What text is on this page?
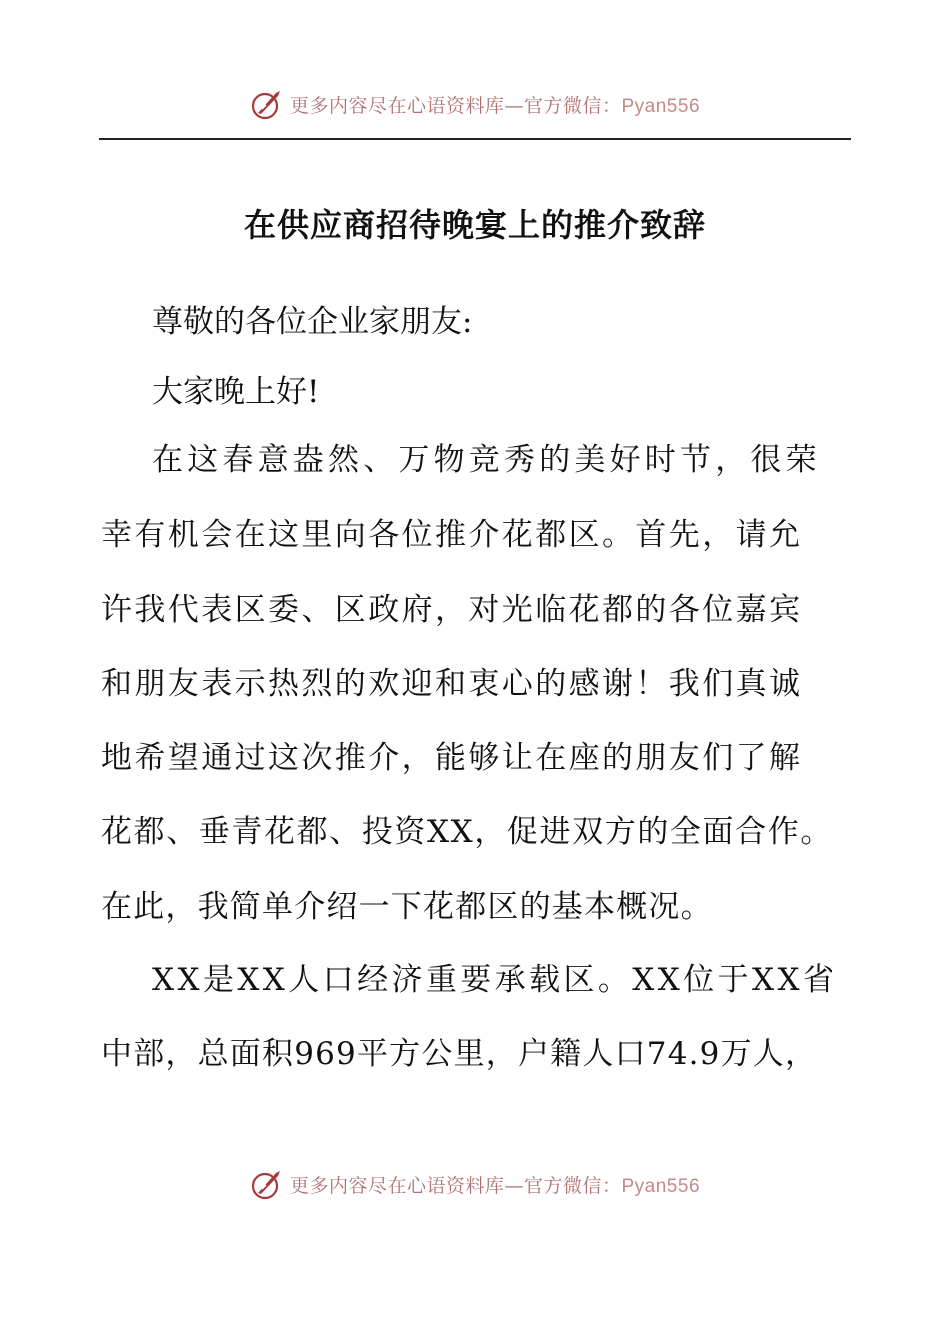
更多内容尽在心语资料库—官方微信：Pyan556
在供应商招待晚宴上的推介致辞
尊敬的各位企业家朋友:
大家晚上好!
在这春意盎然、万物竞秀的美好时节，很荣
幸有机会在这里向各位推介花都区。首先，请允
许我代表区委、区政府，对光临花都的各位嘉宾
和朋友表示热烈的欢迎和衷心的感谢！我们真诚
地希望通过这次推介，能够让在座的朋友们了解
花都、垂青花都、投资XX，促进双方的全面合作。
在此，我简单介绍一下花都区的基本概况。
XX是XX人口经济重要承载区。XX位于XX省
中部，总面积969平方公里，户籍人口74.9万人，
更多内容尽在心语资料库—官方微信：Pyan556
